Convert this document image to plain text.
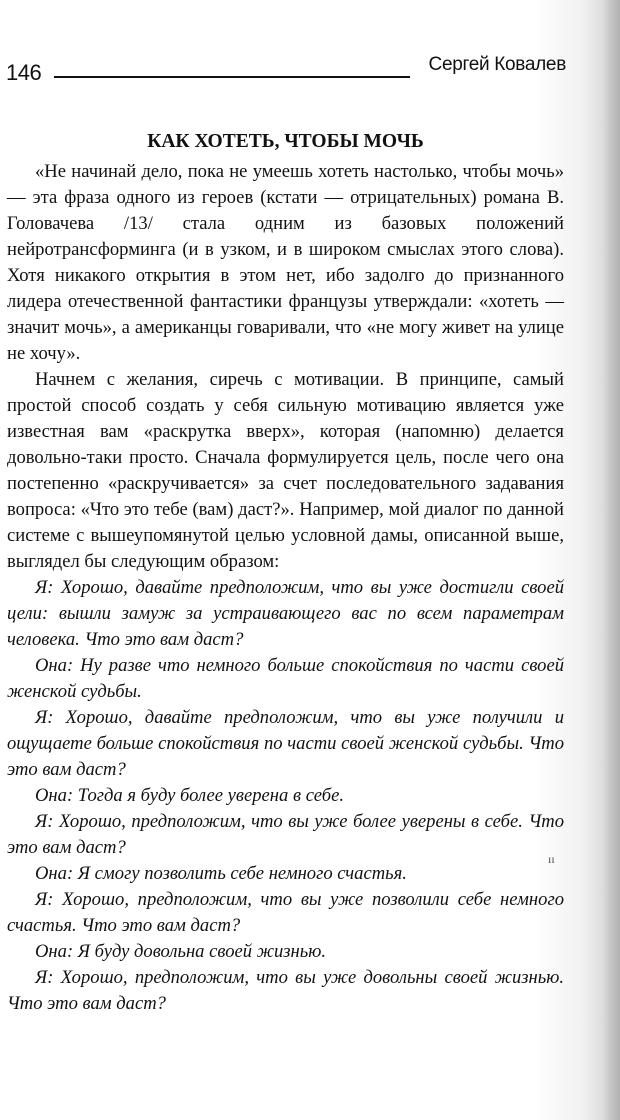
146	Сергей Ковалев
КАК ХОТЕТЬ, ЧТОБЫ МОЧЬ

«Не начинай дело, пока не умеешь хотеть настолько, чтобы мочь» — эта фраза одного из героев (кстати — отрицательных) романа В. Головачева /13/ стала одним из базовых положений нейротрансформинга (и в узком, и в широком смыслах этого слова). Хотя никакого открытия в этом нет, ибо задолго до признанного лидера отечественной фантастики французы утверждали: «хотеть — значит мочь», а американцы говаривали, что «не могу живет на улице не хочу».

Начнем с желания, сиречь с мотивации. В принципе, самый простой способ создать у себя сильную мотивацию является уже известная вам «раскрутка вверх», которая (напомню) делается довольно-таки просто. Сначала формулируется цель, после чего она постепенно «раскручивается» за счет последовательного задавания вопроса: «Что это тебе (вам) даст?». Например, мой диалог по данной системе с вышеупомянутой целью условной дамы, описанной выше, выглядел бы следующим образом:

Я: Хорошо, давайте предположим, что вы уже достигли своей цели: вышли замуж за устраивающего вас по всем параметрам человека. Что это вам даст?

Она: Ну разве что немного больше спокойствия по части своей женской судьбы.

Я: Хорошо, давайте предположим, что вы уже получили и ощущаете больше спокойствия по части своей женской судьбы. Что это вам даст?

Она: Тогда я буду более уверена в себе.

Я: Хорошо, предположим, что вы уже более уверены в себе. Что это вам даст?

Она: Я смогу позволить себе немного счастья.

Я: Хорошо, предположим, что вы уже позволили себе немного счастья. Что это вам даст?

Она: Я буду довольна своей жизнью.

Я: Хорошо, предположим, что вы уже довольны своей жизнью. Что это вам даст?

ıı
